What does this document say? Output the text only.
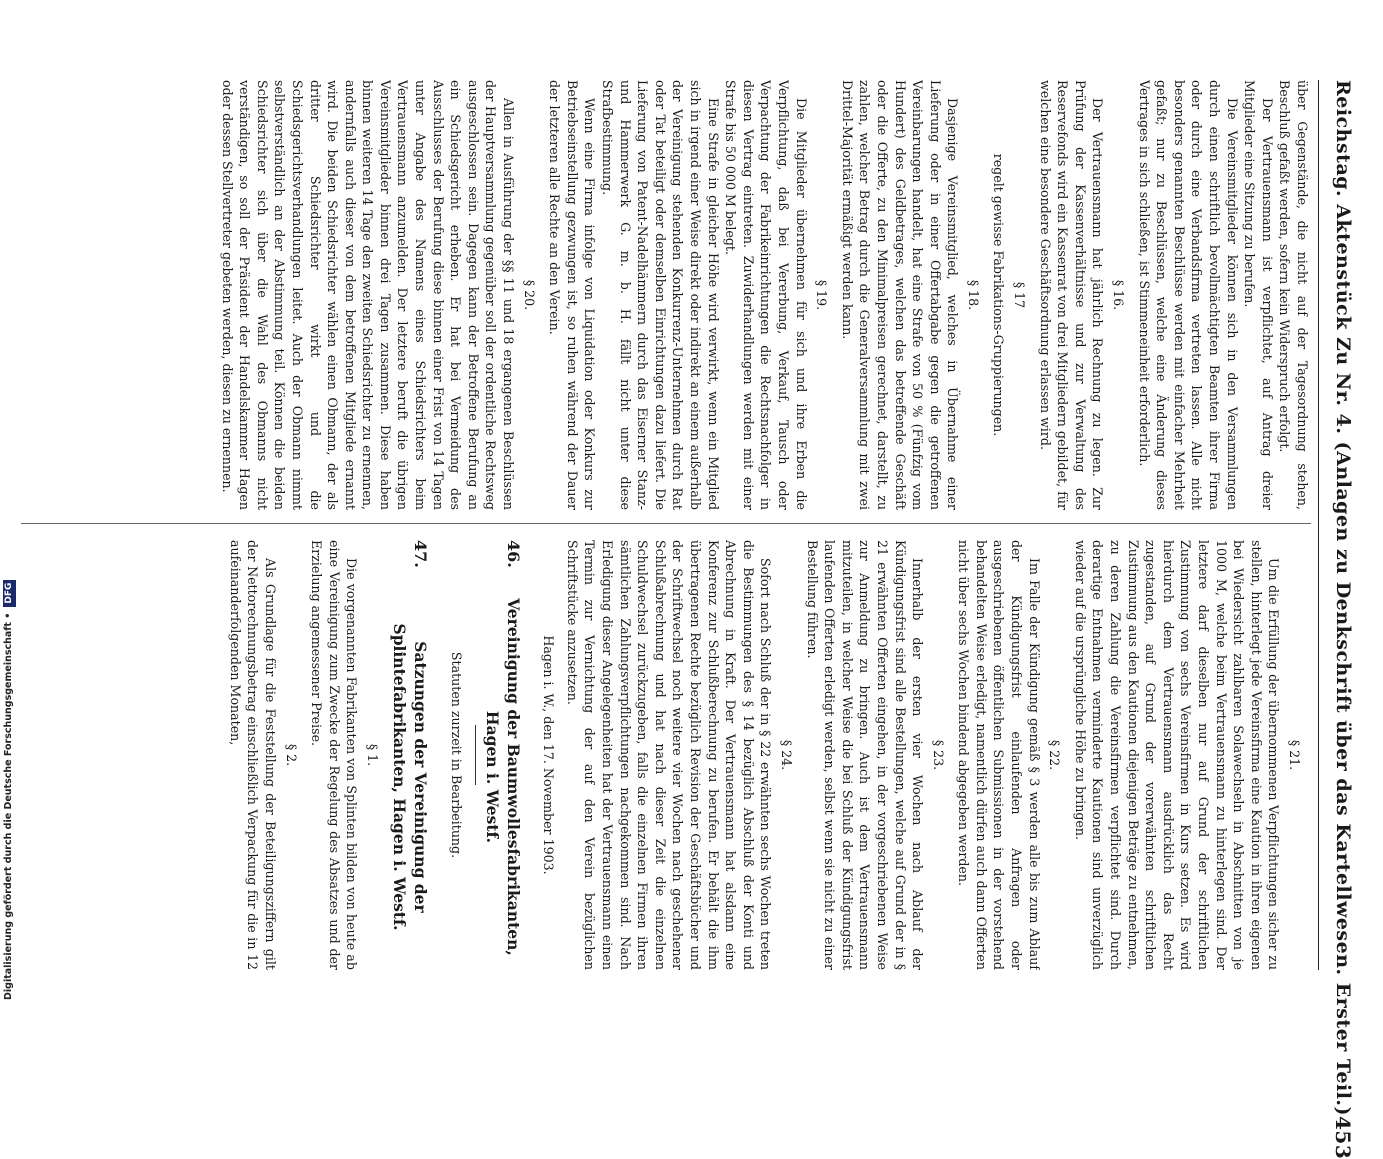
Reichstag. Aktenstück Zu Nr. 4. (Anlagen zu Denkschrift über das Kartellwesen. Erster Teil.)
453

über Gegenstände, die nicht auf der Tagesordnung stehen, Beschluß gefaßt werden, sofern kein Widerspruch erfolgt.

Der Vertrauensmann ist verpflichtet, auf Antrag dreier Mitglieder eine Sitzung zu berufen.

Die Vereinsmitglieder können sich in den Versammlungen durch einen schriftlich bevollmächtigten Beamten ihrer Firma oder durch eine Verbandsfirma vertreten lassen. Alle nicht besonders genannten Beschlüsse werden mit einfacher Mehrheit gefaßt; nur zu Beschlüssen, welche eine Änderung dieses Vertrages in sich schließen, ist Stimmeneinheit erforderlich.

§ 16.

Der Vertrauensmann hat jährlich Rechnung zu legen. Zur Prüfung der Kassenverhältnisse und zur Verwaltung des Reservefonds wird ein Kassenrat von drei Mitgliedern gebildet, für welchen eine besondere Geschäftsordnung erlassen wird.

§ 17
regelt gewisse Fabrikations-Gruppierungen.
§ 18.

Dasjenige Vereinsmitglied, welches in Übernahme einer Lieferung oder in einer Offertabgabe gegen die getroffenen Vereinbarungen handelt, hat eine Strafe von 50 % (Fünfzig vom Hundert) des Geldbetrages, welchen das betreffende Geschäft oder die Offerte, zu den Minimalpreisen gerechnet, darstellt, zu zahlen, welcher Betrag durch die Generalversammlung mit zwei Drittel-Majorität ermäßigt werden kann.

§ 19.

Die Mitglieder übernehmen für sich und ihre Erben die Verpflichtung, daß bei Vererbung, Verkauf, Tausch oder Verpachtung der Fabrikeinrichtungen die Rechtsnachfolger in diesen Vertrag eintreten. Zuwiderhandlungen werden mit einer Strafe bis 50 000 M belegt.

Eine Strafe in gleicher Höhe wird verwirkt, wenn ein Mitglied sich in irgend einer Weise direkt oder indirekt an einem außerhalb der Vereinigung stehenden Konkurrenz-Unternehmen durch Rat oder Tat beteiligt oder demselben Einrichtungen dazu liefert. Die Lieferung von Patent-Nadelhämmern durch das Eiserner Stanz- und Hammerwerk G. m. b. H. fällt nicht unter diese Strafbestimmung.

Wenn eine Firma infolge von Liquidation oder Konkurs zur Betriebseinstellung gezwungen ist, so ruhen während der Dauer der letzteren alle Rechte an den Verein.

§ 20.

Allen in Ausführung der §§ 11 und 18 ergangenen Beschlüssen der Hauptversammlung gegenüber soll der ordentliche Rechtsweg ausgeschlossen sein. Dagegen kann der Betroffene Berufung an ein Schiedsgericht erheben. Er hat bei Vermeidung des Ausschlusses der Berufung diese binnen einer Frist von 14 Tagen unter Angabe des Namens eines Schiedsrichters beim Vertrauensmann anzumelden. Der letztere beruft die übrigen Vereinsmitglieder binnen drei Tagen zusammen. Diese haben binnen weiteren 14 Tage den zweiten Schiedsrichter zu ernennen, andernfalls auch dieser von dem betroffenen Mitgliede ernannt wird. Die beiden Schiedsrichter wählen einen Obmann, der als dritter Schiedsrichter wirkt und die Schiedsgerichtsverhandlungen leitet. Auch der Obmann nimmt selbstverständlich an der Abstimmung teil. Können die beiden Schiedsrichter sich über die Wahl des Obmanns nicht verständigen, so soll der Präsident der Handelskammer Hagen oder dessen Stellvertreter gebeten werden, diesen zu ernennen.

§ 21.

Um die Erfüllung der übernommenen Verpflichtungen sicher zu stellen, hinterlegt jede Vereinsfirma eine Kaution in ihren eigenen bei Wiedersicht zahlbaren Solawechseln in Abschnitten von je 1000 M, welche beim Vertrauensmann zu hinterlegen sind. Der letztere darf dieselben nur auf Grund der schriftlichen Zustimmung von sechs Vereinsfirmen in Kurs setzen. Es wird hierdurch dem Vertrauensmann ausdrücklich das Recht zugestanden, auf Grund der vorerwähnten schriftlichen Zustimmung aus den Kautionen diejenigen Beträge zu entnehmen, zu deren Zahlung die Vereinsfirmen verpflichtet sind. Durch derartige Entnahmen verminderte Kautionen sind unverzüglich wieder auf die ursprüngliche Höhe zu bringen.

§ 22.

Im Falle der Kündigung gemäß § 3 werden alle bis zum Ablauf der Kündigungsfrist einlaufenden Anfragen oder ausgeschriebenen öffentlichen Submissionen in der vorstehend behandelten Weise erledigt, namentlich dürfen auch dann Offerten nicht über sechs Wochen bindend abgegeben werden.

§ 23.

Innerhalb der ersten vier Wochen nach Ablauf der Kündigungsfrist sind alle Bestellungen, welche auf Grund der in § 21 erwähnten Offerten eingehen, in der vorgeschriebenen Weise zur Anmeldung zu bringen. Auch ist dem Vertrauensmann mitzuteilen, in welcher Weise die bei Schluß der Kündigungsfrist laufenden Offerten erledigt werden, selbst wenn sie nicht zu einer Bestellung führen.

§ 24.

Sofort nach Schluß der in § 22 erwähnten sechs Wochen treten die Bestimmungen des § 14 bezüglich Abschluß der Konti und Abrechnung in Kraft. Der Vertrauensmann hat alsdann eine Konferenz zur Schlußberechnung zu berufen. Er behält die ihm übertragenen Rechte bezüglich Revision der Geschäftsbücher und der Schriftwechsel noch weitere vier Wochen nach geschehener Schlußabrechnung und hat nach dieser Zeit die einzelnen Schuldwechsel zurückzugeben, falls die einzelnen Firmen ihren sämtlichen Zahlungsverpflichtungen nachgekommen sind. Nach Erledigung dieser Angelegenheiten hat der Vertrauensmann einen Termin zur Vernichtung der auf den Verein bezüglichen Schriftstücke anzusetzen.

Hagen i. W., den 17. November 1903.
46.
Vereinigung der Baumwollesfabrikanten, Hagen i. Westf.
Statuten zurzeit in Bearbeitung.
47.
Satzungen der Vereinigung der Splintefabrikanten, Hagen i. Westf.
§ 1.

Die vorgenannten Fabrikanten von Splinten bilden von heute ab eine Vereinigung zum Zwecke der Regelung des Absatzes und der Erzielung angemessener Preise.

§ 2.

Als Grundlage für die Feststellung der Beteiligungsziffern gilt der Nettorechnungsbetrag einschließlich Verpackung für die in 12 aufeinanderfolgenden Monaten,

Digitalisierung gefördert durch die Deutsche Forschungsgemeinschaft •
DFG
